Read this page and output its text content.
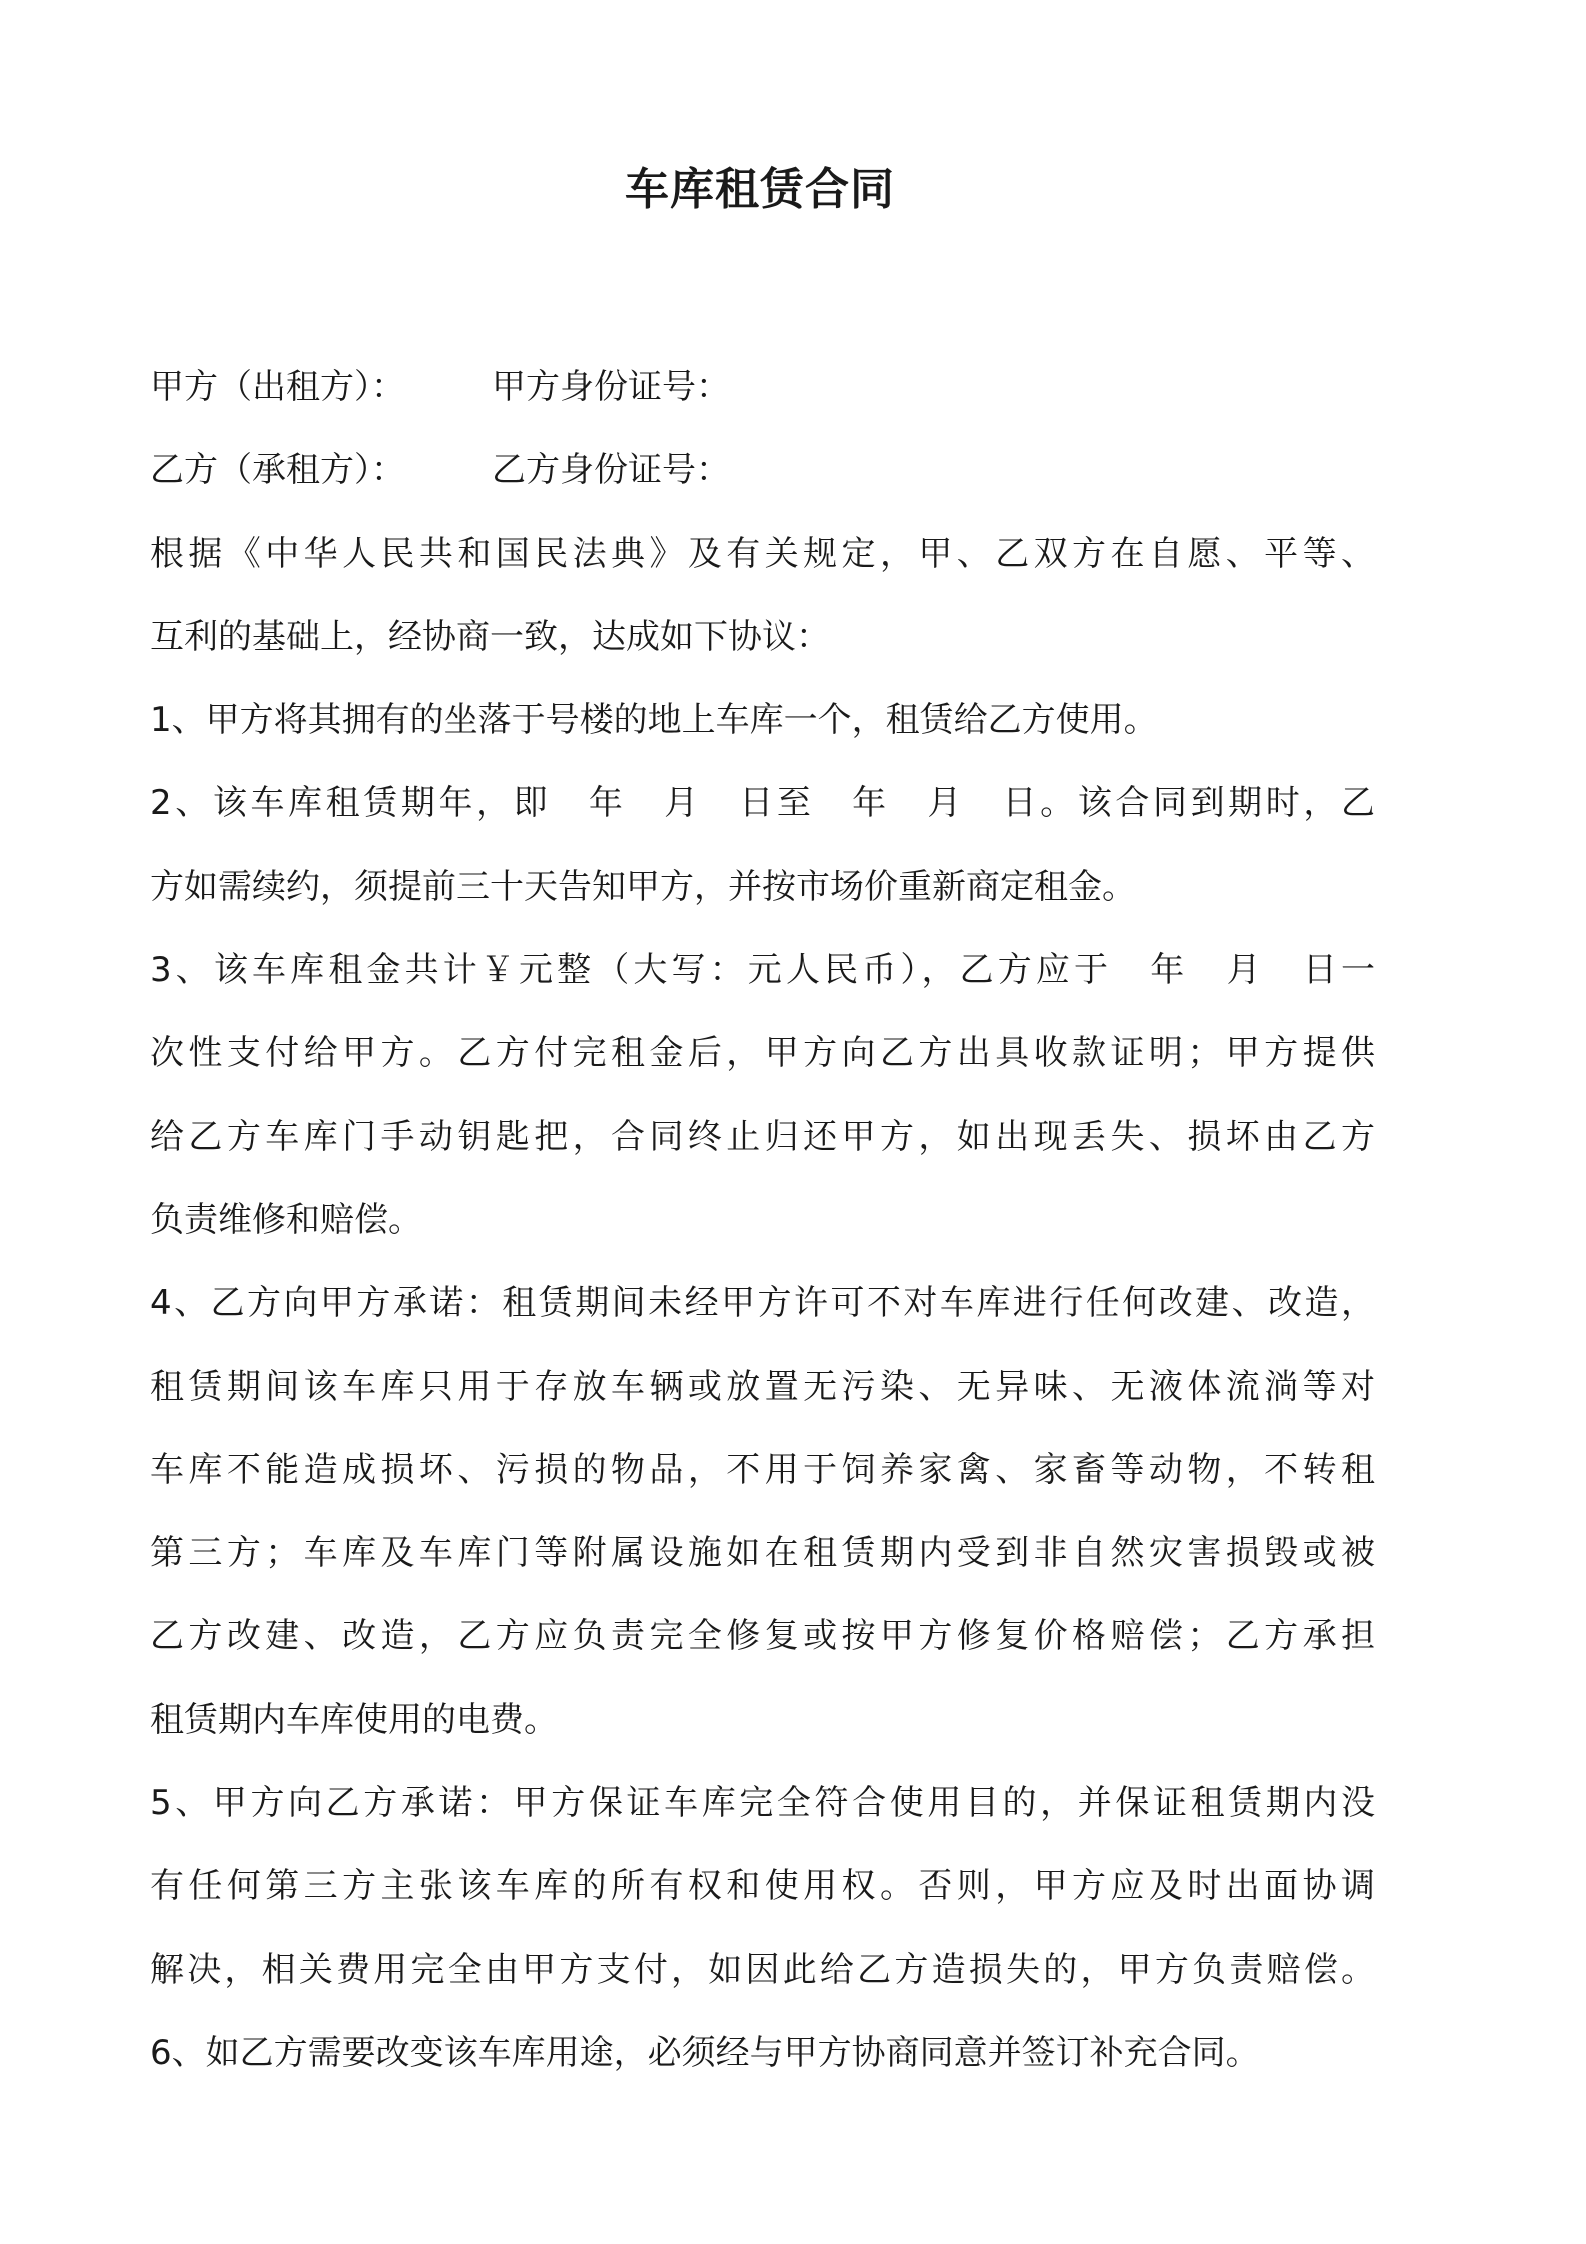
车库租赁合同
甲方（出租方）：	甲方身份证号：
乙方（承租方）：	乙方身份证号：
根据《中华人民共和国民法典》及有关规定，甲、乙双方在自愿、平等、
互利的基础上，经协商一致，达成如下协议：
1、甲方将其拥有的坐落于号楼的地上车库一个，租赁给乙方使用。
2、该车库租赁期年，即　年　月　日至　年　月　日。该合同到期时，乙
方如需续约，须提前三十天告知甲方，并按市场价重新商定租金。
3、该车库租金共计￥元整（大写：元人民币），乙方应于　年　月　日一
次性支付给甲方。乙方付完租金后，甲方向乙方出具收款证明；甲方提供
给乙方车库门手动钥匙把，合同终止归还甲方，如出现丢失、损坏由乙方
负责维修和赔偿。
4、乙方向甲方承诺：租赁期间未经甲方许可不对车库进行任何改建、改造，
租赁期间该车库只用于存放车辆或放置无污染、无异味、无液体流淌等对
车库不能造成损坏、污损的物品，不用于饲养家禽、家畜等动物，不转租
第三方；车库及车库门等附属设施如在租赁期内受到非自然灾害损毁或被
乙方改建、改造，乙方应负责完全修复或按甲方修复价格赔偿；乙方承担
租赁期内车库使用的电费。
5、甲方向乙方承诺：甲方保证车库完全符合使用目的，并保证租赁期内没
有任何第三方主张该车库的所有权和使用权。否则，甲方应及时出面协调
解决，相关费用完全由甲方支付，如因此给乙方造损失的，甲方负责赔偿。
6、如乙方需要改变该车库用途，必须经与甲方协商同意并签订补充合同。
